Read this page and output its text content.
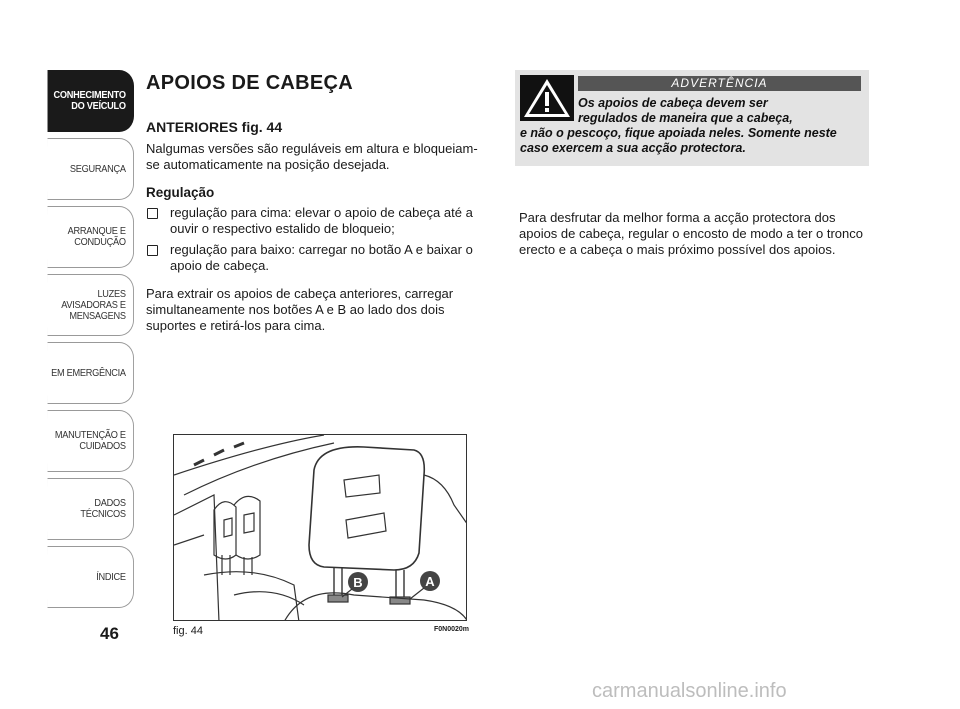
CONHECIMENTO DO VEÍCULO
SEGURANÇA
ARRANQUE E CONDUÇÃO
LUZES AVISADORAS E MENSAGENS
EM EMERGÊNCIA
MANUTENÇÃO E CUIDADOS
DADOS TÉCNICOS
ÍNDICE
46
APOIOS DE CABEÇA
ANTERIORES fig. 44
Nalgumas versões são reguláveis em altura e bloqueiam-se automaticamente na posição desejada.
Regulação
regulação para cima: elevar o apoio de cabeça até a ouvir o respectivo estalido de bloqueio;
regulação para baixo: carregar no botão A e baixar o apoio de cabeça.
Para extrair os apoios de cabeça anteriores, carregar simultaneamente nos botões A e B ao lado dos dois suportes e retirá-los para cima.
ADVERTÊNCIA
Os apoios de cabeça devem ser
regulados de maneira que a cabeça,
e não o pescoço, fique apoiada neles. Somente neste caso exercem a sua acção protectora.
Para desfrutar da melhor forma a acção protectora dos apoios de cabeça, regular o encosto de modo a ter o tronco erecto e a cabeça o mais próximo possível dos apoios.
B	A
fig. 44	F0N0020m
carmanualsonline.info
